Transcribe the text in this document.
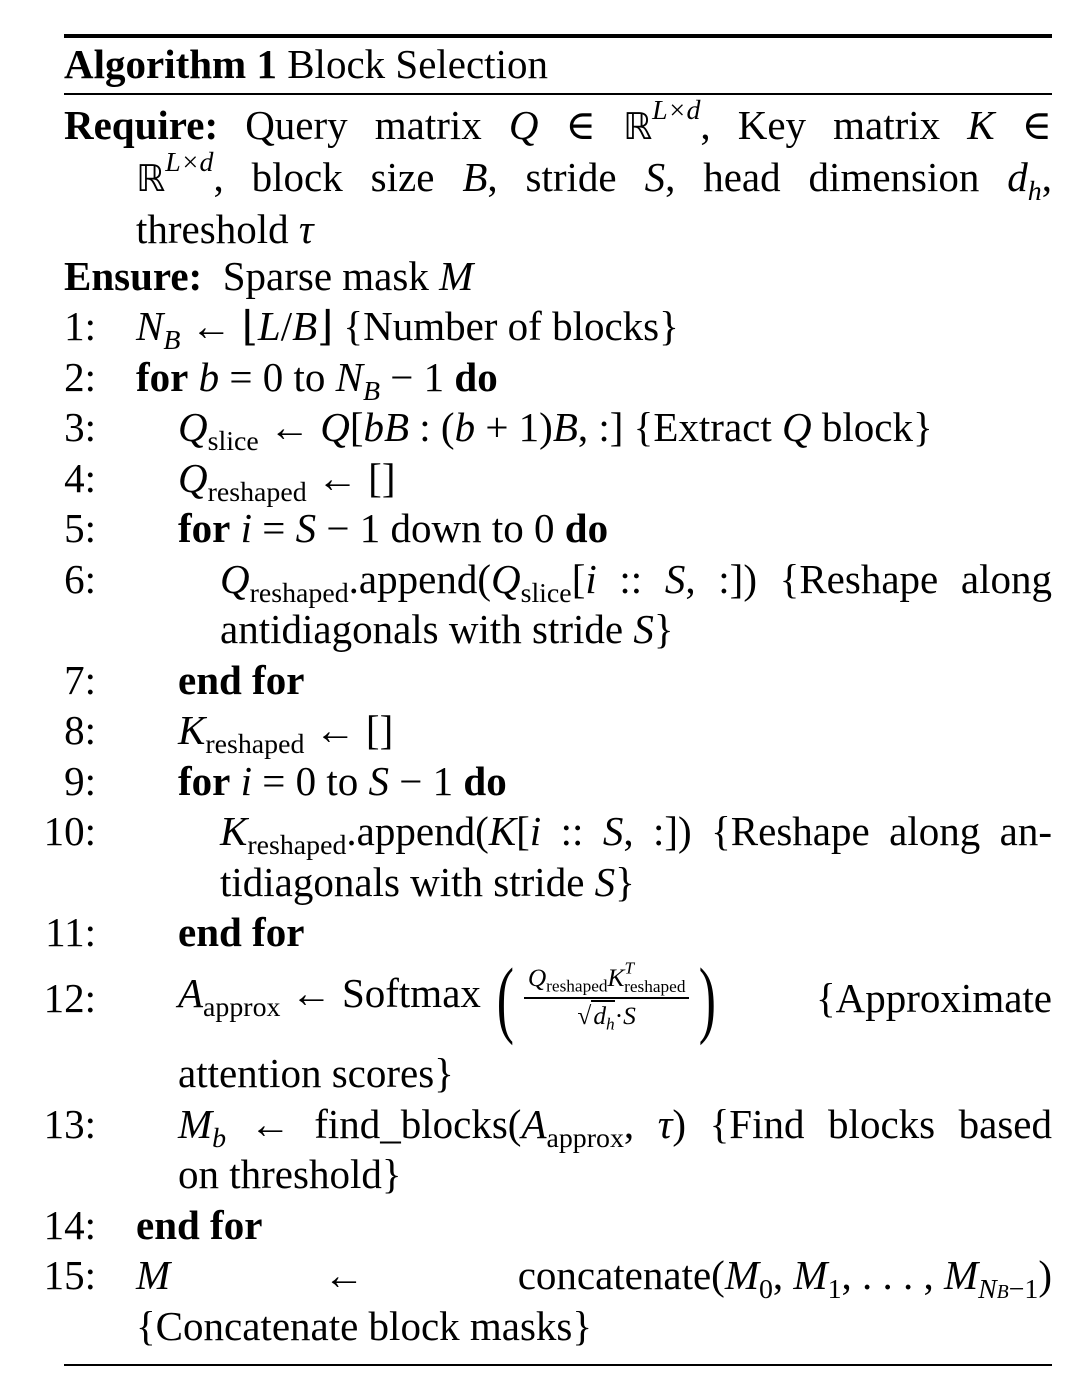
Algorithm 1 Block Selection
Require: Query matrix Q ∈ ℝ$^{L\times d}$, Key matrix K ∈
ℝ$^{L\times d}$, block size B, stride S, head dimension $d_h$,
threshold τ
Ensure:  Sparse mask M
1: $N_B$ ← ⌊L/B⌋ {Number of blocks}
2: for b = 0 to $N_B - 1$ do
3: $Q_{slice}$ ← Q[bB : (b + 1)B, :] {Extract Q block}
4: $Q_{reshaped}$ ← []
5: for i = S − 1 down to 0 do
6:	$Q_{reshaped}.append(Q_{slice}[i$ :: S, :]) {Reshape along
antidiagonals with stride S}
7: end for
8: $K_{reshaped}$ ← []
9: for i = 0 to S − 1 do
10:	$K_{reshaped}.append(K[i$ :: S, :]) {Reshape along an-
tidiagonals with stride S}
11: end for
12: $A_{approx}$ ← Softmax ( $\frac{Q_{reshaped}K^T_{reshaped}}{√d_h\cdot S}$ ) {Approximate
attention scores}
13: $M_b$ ← $find\_blocks(A_{approx}$, τ) {Find blocks based
on threshold}
14: end for
15: M	←	$concatenate(M_0$, $M_1$, . . . , $M_{NB-1}$)
{Concatenate block masks}
